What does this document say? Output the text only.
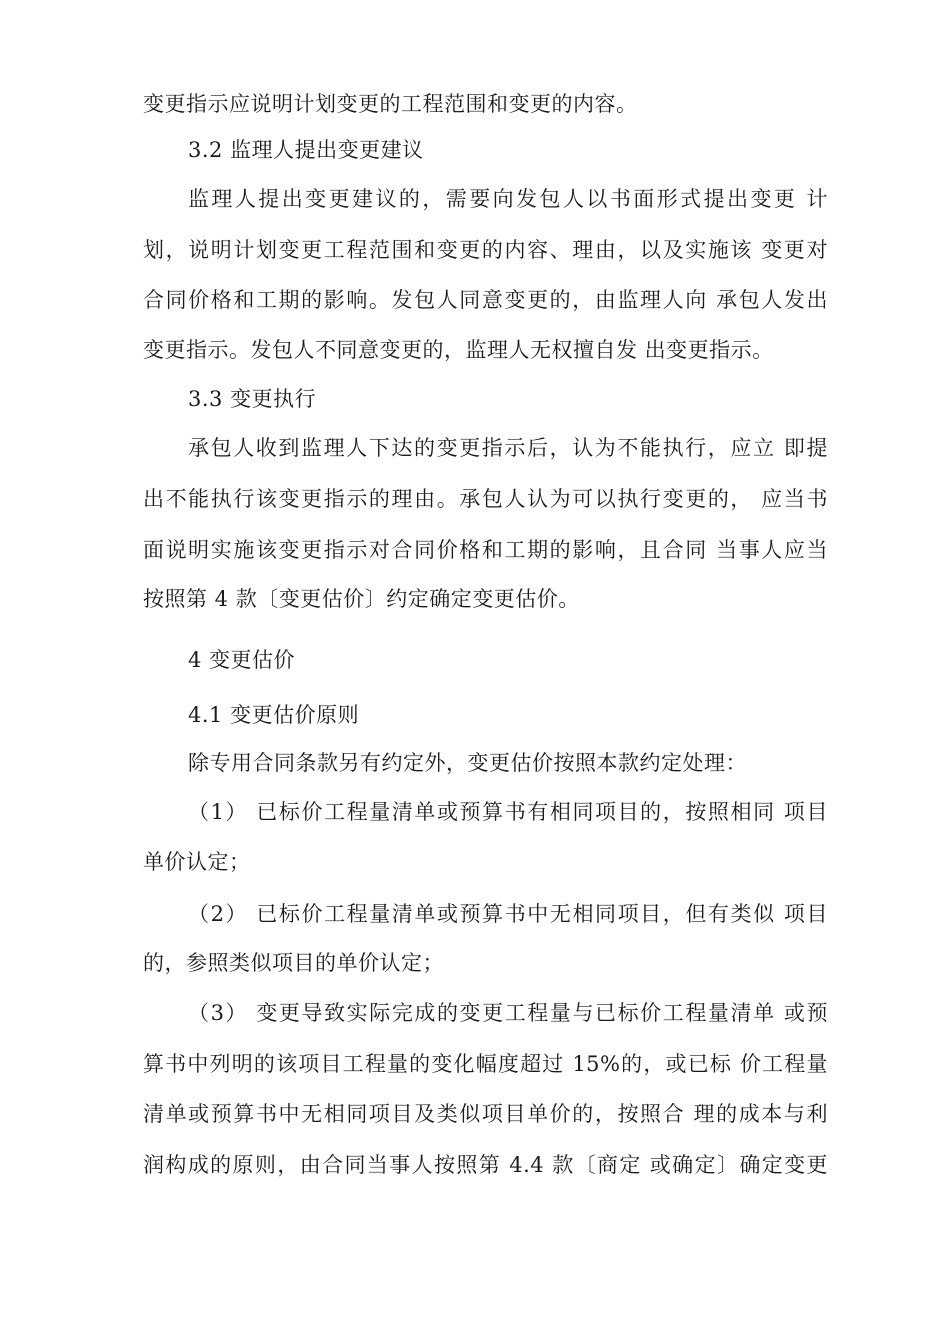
变更指示应说明计划变更的工程范围和变更的内容。

3.2 监理人提出变更建议

监理人提出变更建议的，需要向发包人以书面形式提出变更 计

划，说明计划变更工程范围和变更的内容、理由，以及实施该 变更对

合同价格和工期的影响。发包人同意变更的，由监理人向 承包人发出

变更指示。发包人不同意变更的，监理人无权擅自发 出变更指示。

3.3 变更执行

承包人收到监理人下达的变更指示后，认为不能执行，应立 即提

出不能执行该变更指示的理由。承包人认为可以执行变更的， 应当书

面说明实施该变更指示对合同价格和工期的影响，且合同 当事人应当

按照第 4 款〔变更估价〕约定确定变更估价。

4 变更估价

4.1 变更估价原则

除专用合同条款另有约定外，变更估价按照本款约定处理：

（1） 已标价工程量清单或预算书有相同项目的，按照相同 项目

单价认定；

（2） 已标价工程量清单或预算书中无相同项目，但有类似 项目

的，参照类似项目的单价认定；

（3） 变更导致实际完成的变更工程量与已标价工程量清单 或预

算书中列明的该项目工程量的变化幅度超过 15%的，或已标 价工程量

清单或预算书中无相同项目及类似项目单价的，按照合 理的成本与利

润构成的原则，由合同当事人按照第 4.4 款〔商定 或确定〕确定变更
